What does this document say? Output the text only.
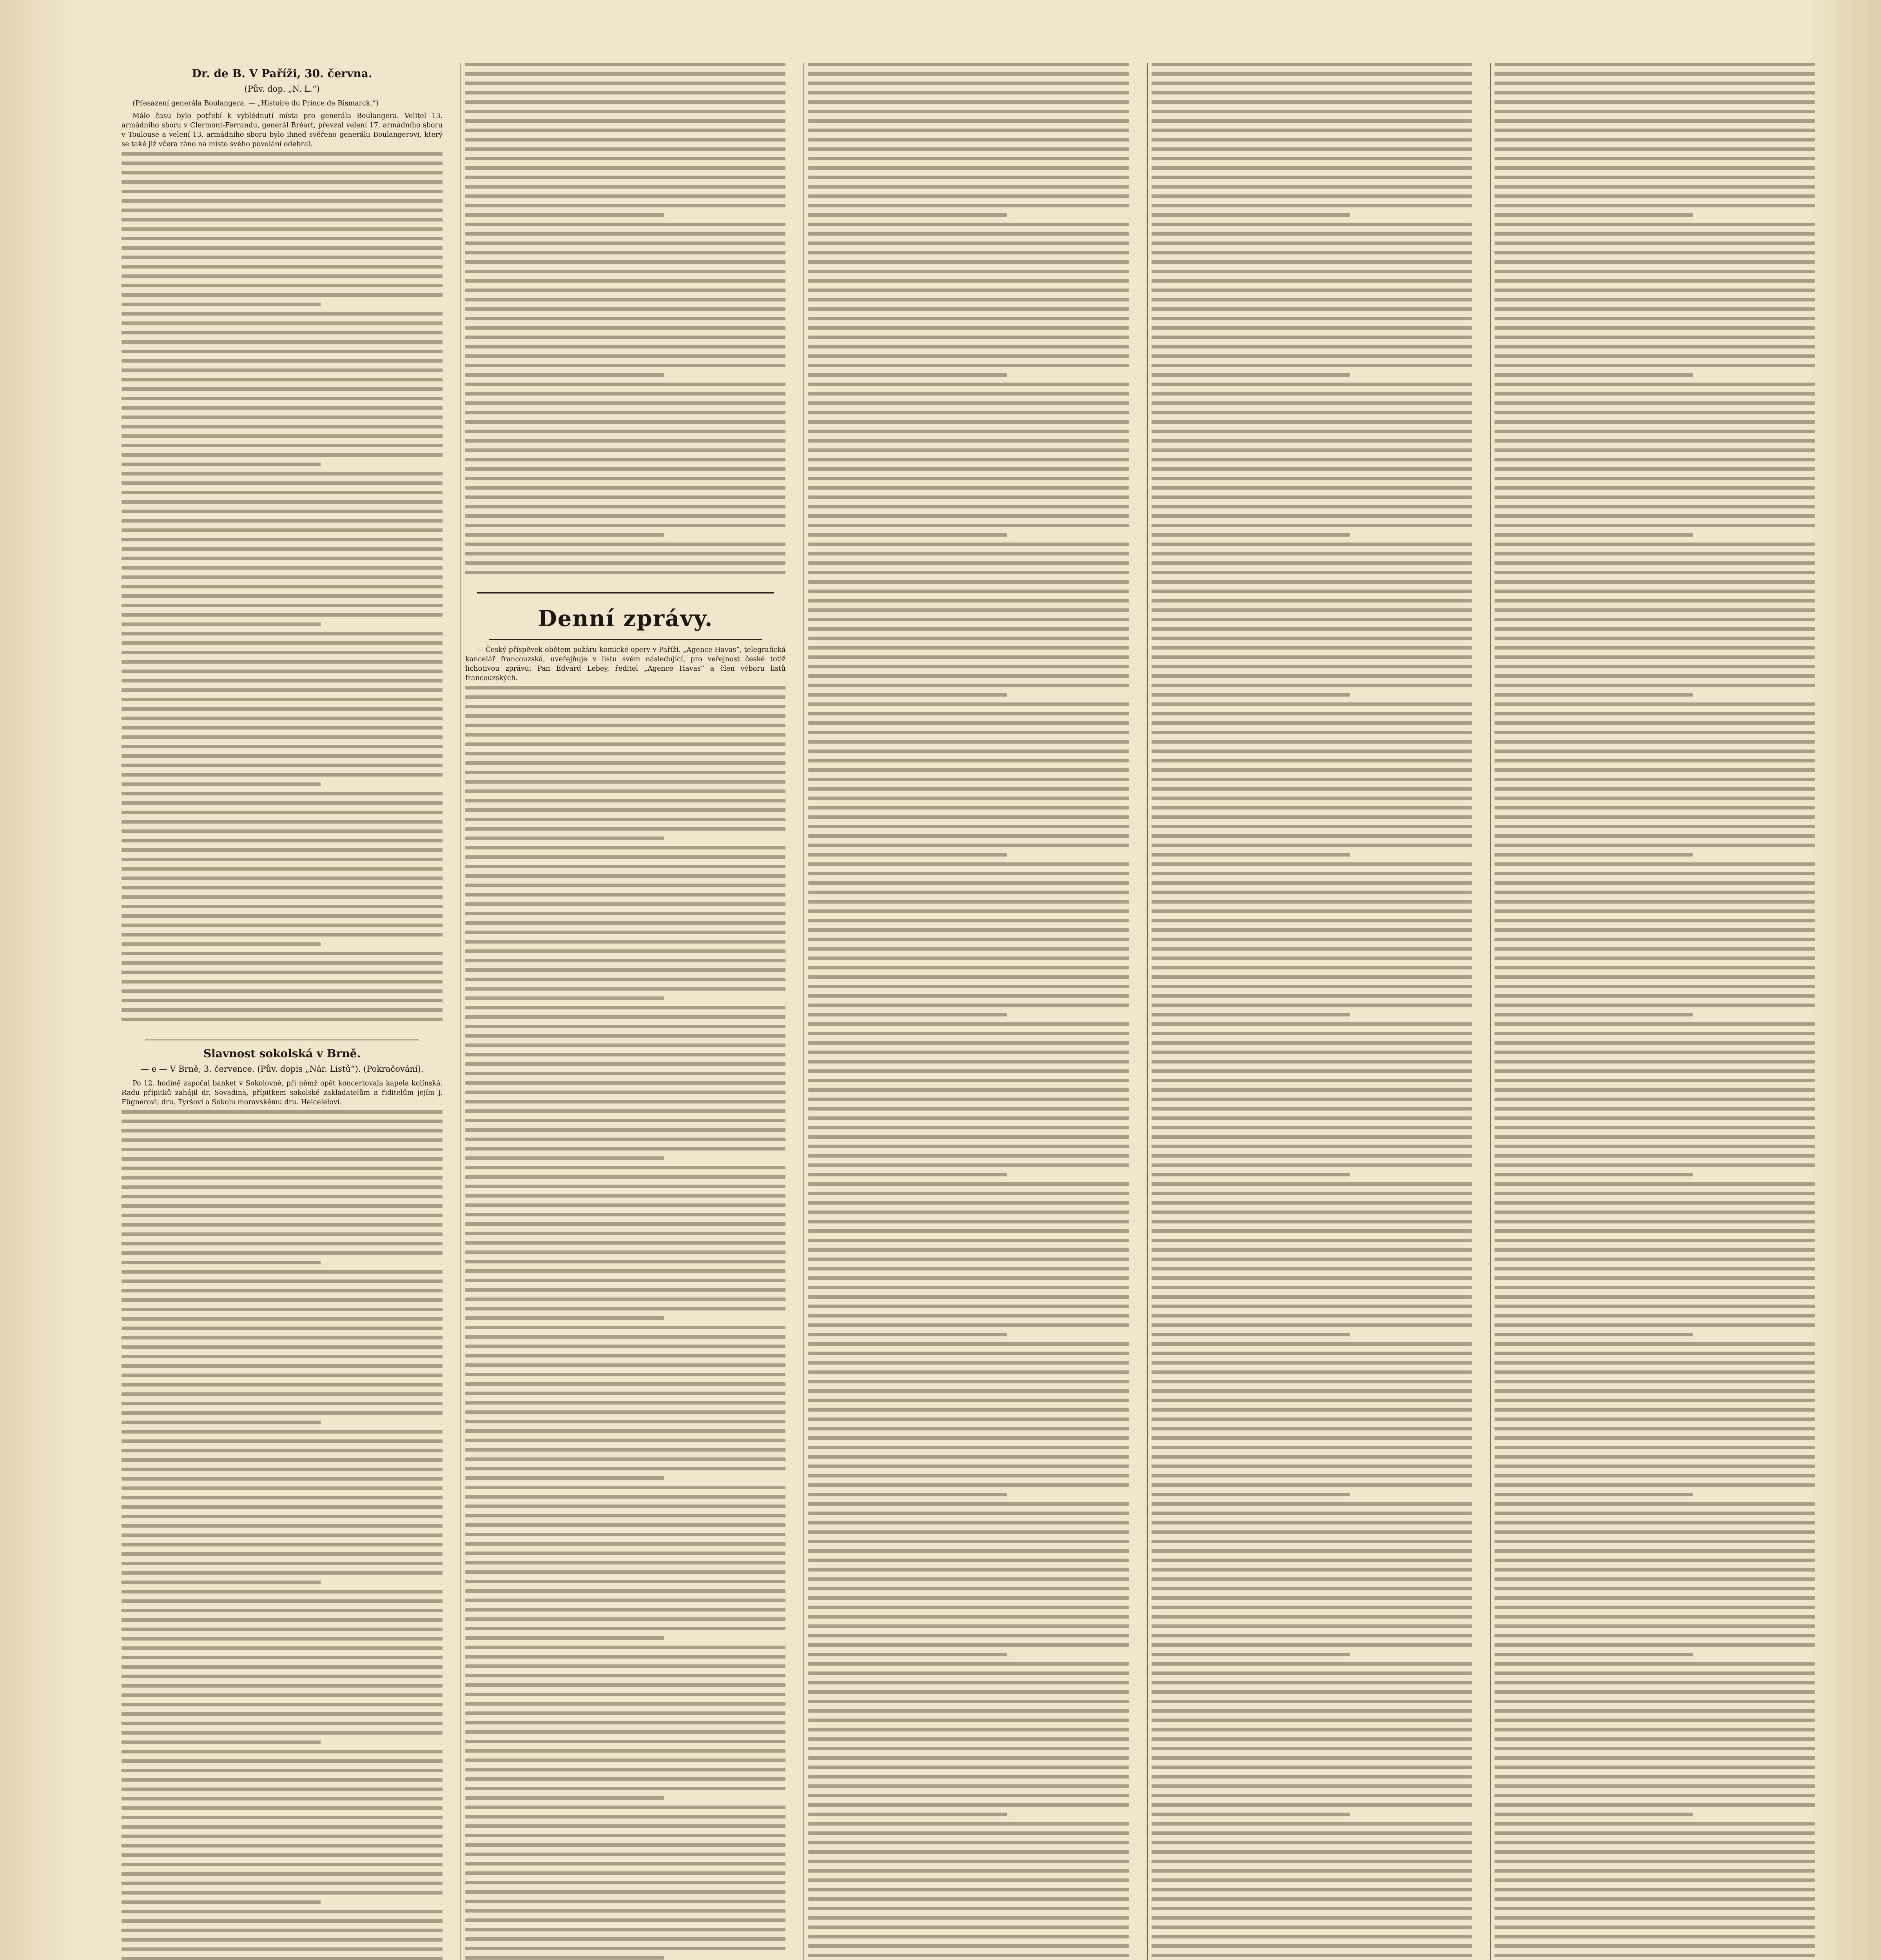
Dr. de B. V Paříži, 30. června.
(Pův. dop. „N. L.“)

(Přesazení generála Boulangera. — „Histoire du Prince de Bismarck.“)

Málo času bylo potřebí k vyblédnutí místa pro generála Boulangera. Velitel 13. armádního sboru v Clermont-Ferrandu, generál Bréart, převzal velení 17. armádního sboru v Toulouse a velení 13. armádního sboru bylo ihned svěřeno generálu Boulangerovi, který se také již včera ráno na místo svého povolání odebral.

Slavnost sokolská v Brně.
— e — V Brně, 3. července. (Pův. dopis „Nár. Listů“). (Pokračování).

Po 12. hodině započal banket v Sokolovně, při němž opět koncertovala kapela kolínská. Radu přípitků zahájil dr. Sovadina, přípitkem sokolské zakladatelům a řiditelům jejím J. Fügnerovi, dru. Tyršovi a Sokolu moravskému dru. Helcelelovi.

Denní zprávy.

— Český příspěvek obětem požáru komické opery v Paříži. „Agence Havas“, telegrafická kancelář francouzská, uveřejňuje v listu svém následující, pro veřejnost české totiž lichotivou zprávu: Pan Edvard Lebey, ředitel „Agence Havas“ a člen výboru listů francouzských.
